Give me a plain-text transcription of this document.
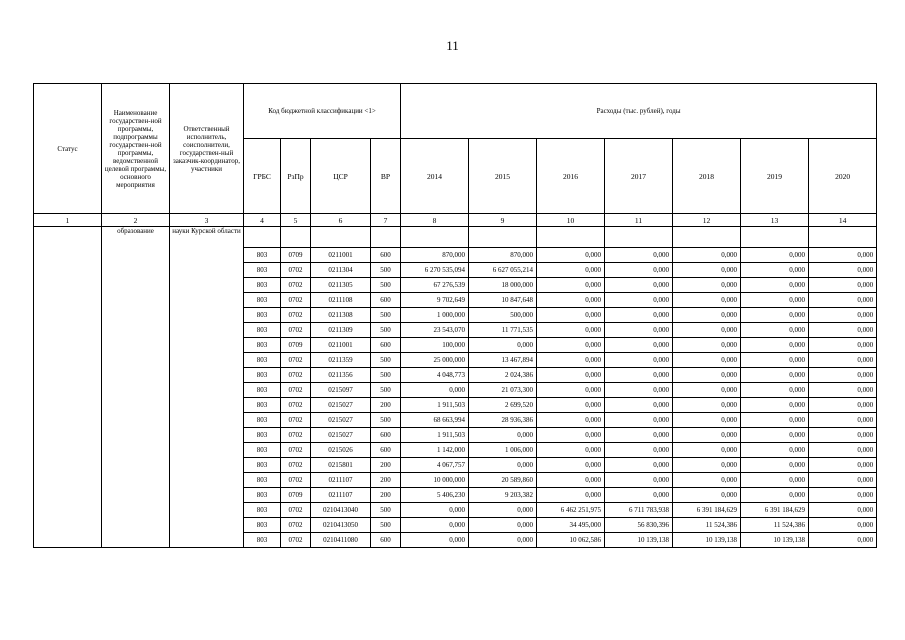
11
Статус	Наименование государствен-ной программы, подпрограммы государствен-ной программы, ведомственной целевой программы, основного мероприятия	Ответственный исполнитель, соисполнители, государствен-ный заказчик-координатор, участники	Код бюджетной классификации <1>				Расходы (тыс. рублей), годы						
			ГРБС	РзПр	ЦСР	ВР	2014	2015	2016	2017	2018	2019	2020
1	2	3	4	5	6	7	8	9	10	11	12	13	14
	образование	науки Курской области											
			803	0709	0211001	600	870,000	870,000	0,000	0,000	0,000	0,000	0,000
			803	0702	0211304	500	6 270 535,094	6 627 055,214	0,000	0,000	0,000	0,000	0,000
			803	0702	0211305	500	67 276,539	18 000,000	0,000	0,000	0,000	0,000	0,000
			803	0702	0211108	600	9 702,649	10 847,648	0,000	0,000	0,000	0,000	0,000
			803	0702	0211308	500	1 000,000	500,000	0,000	0,000	0,000	0,000	0,000
			803	0702	0211309	500	23 543,070	11 771,535	0,000	0,000	0,000	0,000	0,000
			803	0709	0211001	600	100,000	0,000	0,000	0,000	0,000	0,000	0,000
			803	0702	0211359	500	25 000,000	13 467,894	0,000	0,000	0,000	0,000	0,000
			803	0702	0211356	500	4 048,773	2 024,386	0,000	0,000	0,000	0,000	0,000
			803	0702	0215097	500	0,000	21 073,300	0,000	0,000	0,000	0,000	0,000
			803	0702	0215027	200	1 911,503	2 699,520	0,000	0,000	0,000	0,000	0,000
			803	0702	0215027	500	68 663,994	28 936,386	0,000	0,000	0,000	0,000	0,000
			803	0702	0215027	600	1 911,503	0,000	0,000	0,000	0,000	0,000	0,000
			803	0702	0215026	600	1 142,000	1 006,000	0,000	0,000	0,000	0,000	0,000
			803	0702	0215801	200	4 067,757	0,000	0,000	0,000	0,000	0,000	0,000
			803	0702	0211107	200	10 000,000	20 589,860	0,000	0,000	0,000	0,000	0,000
			803	0709	0211107	200	5 406,230	9 203,382	0,000	0,000	0,000	0,000	0,000
			803	0702	0210413040	500	0,000	0,000	6 462 251,975	6 711 783,938	6 391 184,629	6 391 184,629	0,000
			803	0702	0210413050	500	0,000	0,000	34 495,000	56 830,396	11 524,386	11 524,386	0,000
			803	0702	0210411080	600	0,000	0,000	10 062,586	10 139,138	10 139,138	10 139,138	0,000
